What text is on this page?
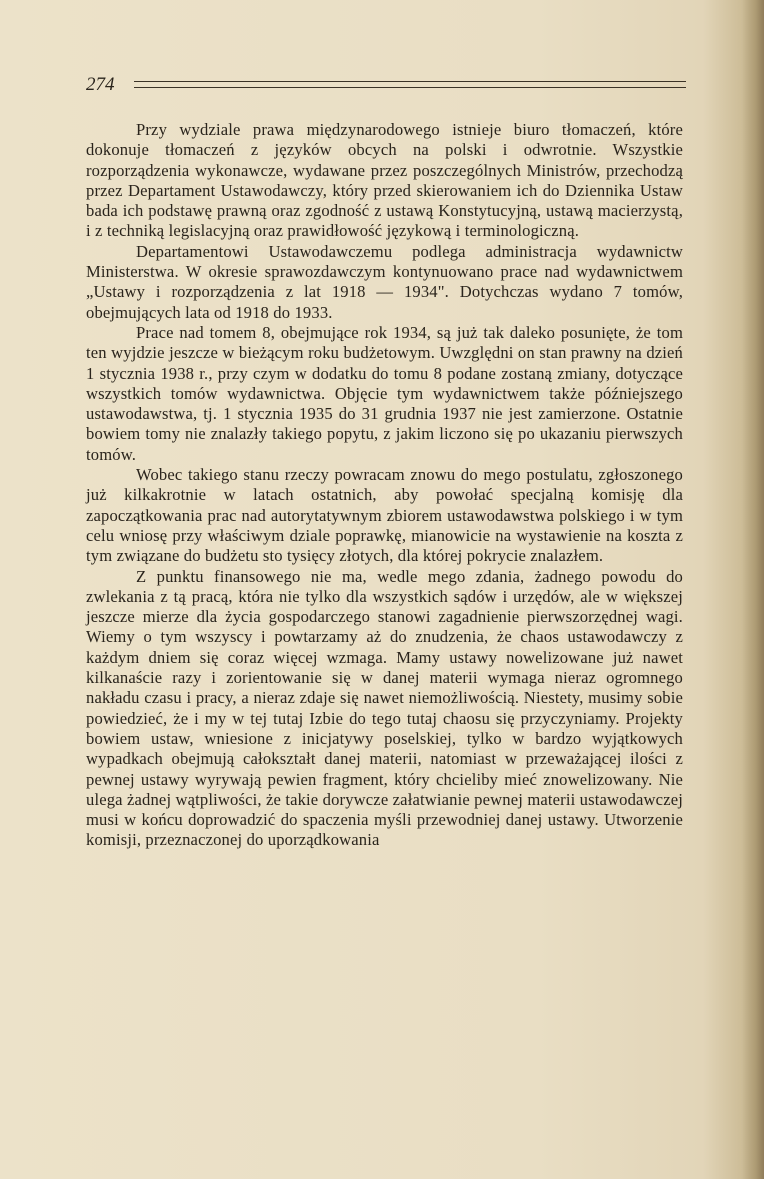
274

Przy wydziale prawa międzynarodowego istnieje biuro tłomaczeń, które dokonuje tłomaczeń z języków obcych na polski i odwrotnie. Wszystkie rozporządzenia wykonawcze, wydawane przez poszczególnych Ministrów, przechodzą przez Departament Ustawodawczy, który przed skierowaniem ich do Dziennika Ustaw bada ich podstawę prawną oraz zgodność z ustawą Konstytucyjną, ustawą macierzystą, i z techniką legislacyjną oraz prawidłowość językową i terminologiczną.

Departamentowi Ustawodawczemu podlega administracja wydawnictw Ministerstwa. W okresie sprawozdawczym kontynuowano prace nad wydawnictwem „Ustawy i rozporządzenia z lat 1918 — 1934". Dotychczas wydano 7 tomów, obejmujących lata od 1918 do 1933.

Prace nad tomem 8, obejmujące rok 1934, są już tak daleko posunięte, że tom ten wyjdzie jeszcze w bieżącym roku budżetowym. Uwzględni on stan prawny na dzień 1 stycznia 1938 r., przy czym w dodatku do tomu 8 podane zostaną zmiany, dotyczące wszystkich tomów wydawnictwa. Objęcie tym wydawnictwem także późniejszego ustawodawstwa, tj. 1 stycznia 1935 do 31 grudnia 1937 nie jest zamierzone. Ostatnie bowiem tomy nie znalazły takiego popytu, z jakim liczono się po ukazaniu pierwszych tomów.

Wobec takiego stanu rzeczy powracam znowu do mego postulatu, zgłoszonego już kilkakrotnie w latach ostatnich, aby powołać specjalną komisję dla zapoczątkowania prac nad autorytatywnym zbiorem ustawodawstwa polskiego i w tym celu wniosę przy właściwym dziale poprawkę, mianowicie na wystawienie na koszta z tym związane do budżetu sto tysięcy złotych, dla której pokrycie znalazłem.

Z punktu finansowego nie ma, wedle mego zdania, żadnego powodu do zwlekania z tą pracą, która nie tylko dla wszystkich sądów i urzędów, ale w większej jeszcze mierze dla życia gospodarczego stanowi zagadnienie pierwszorzędnej wagi. Wiemy o tym wszyscy i powtarzamy aż do znudzenia, że chaos ustawodawczy z każdym dniem się coraz więcej wzmaga. Mamy ustawy nowelizowane już nawet kilkanaście razy i zorientowanie się w danej materii wymaga nieraz ogromnego nakładu czasu i pracy, a nieraz zdaje się nawet niemożliwością. Niestety, musimy sobie powiedzieć, że i my w tej tutaj Izbie do tego tutaj chaosu się przyczyniamy. Projekty bowiem ustaw, wniesione z inicjatywy poselskiej, tylko w bardzo wyjątkowych wypadkach obejmują całokształt danej materii, natomiast w przeważającej ilości z pewnej ustawy wyrywają pewien fragment, który chcieliby mieć znowelizowany. Nie ulega żadnej wątpliwości, że takie dorywcze załatwianie pewnej materii ustawodawczej musi w końcu doprowadzić do spaczenia myśli przewodniej danej ustawy. Utworzenie komisji, przeznaczonej do uporządkowania
